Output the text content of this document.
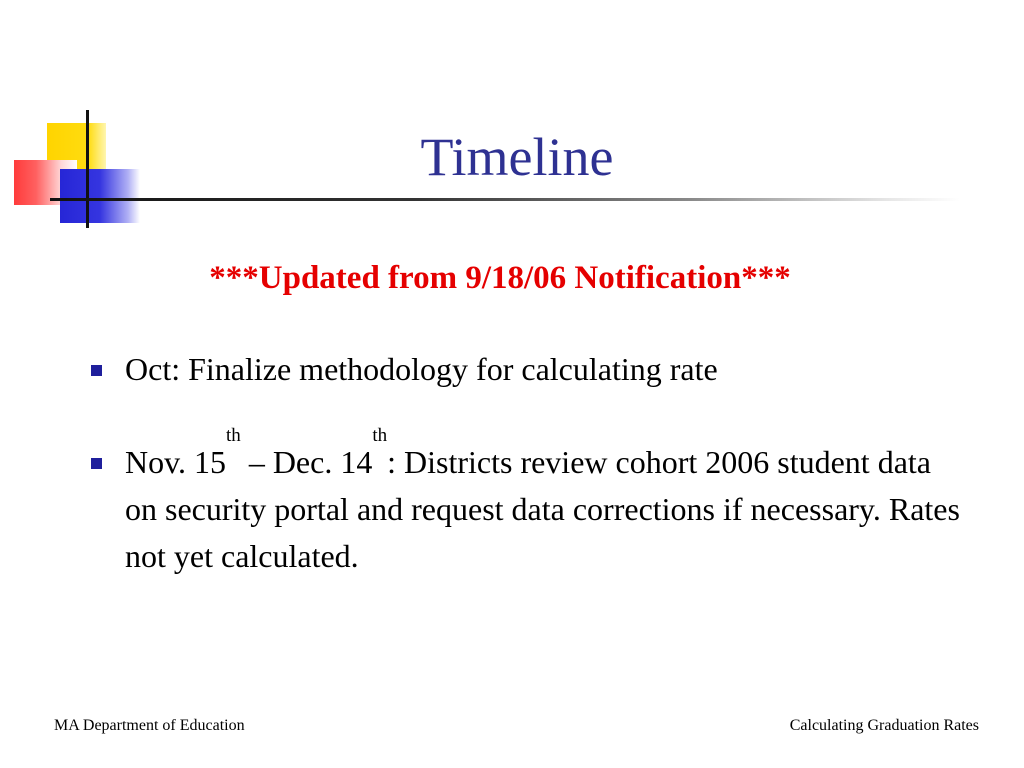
Timeline
***Updated from 9/18/06 Notification***
Oct: Finalize methodology for calculating rate
Nov. 15th – Dec. 14th: Districts review cohort 2006 student data on security portal and request data corrections if necessary. Rates not yet calculated.
MA Department of Education	Calculating Graduation Rates
